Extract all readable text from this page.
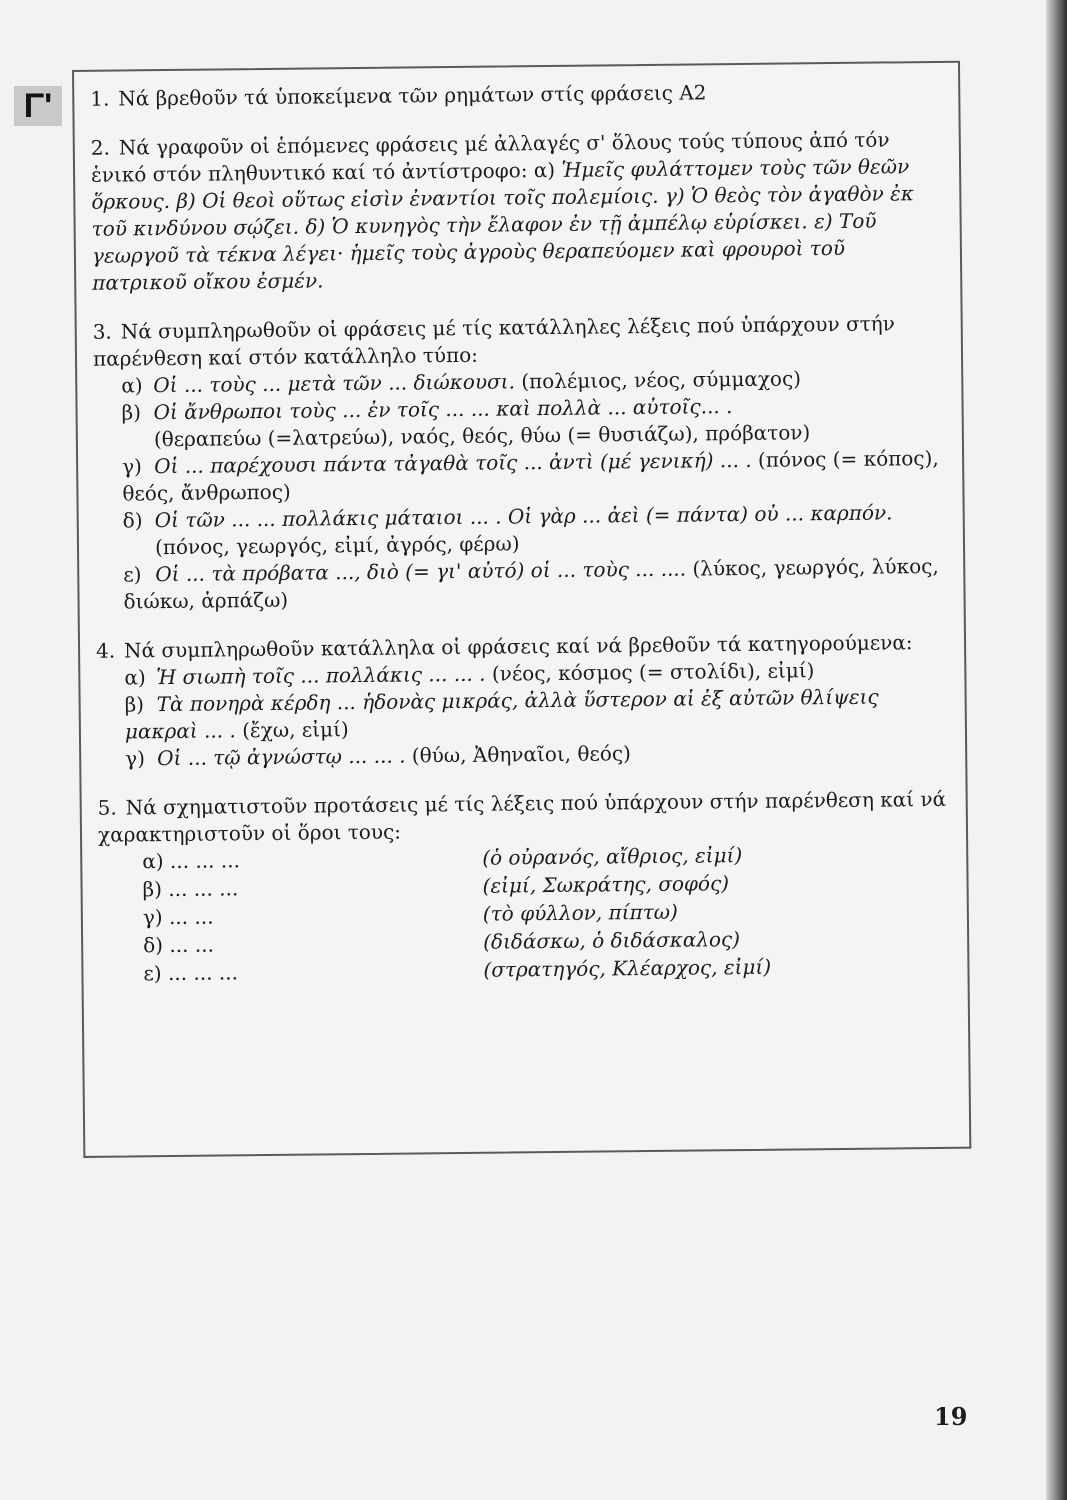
Γ'	1. Νά βρεθοῦν τά ὑποκείμενα τῶν ρημάτων στίς φράσεις Α2

2. Νά γραφοῦν οἱ ἑπόμενες φράσεις μέ ἀλλαγές σ' ὅλους τούς τύπους ἀπό τόν ἑνικό στόν πληθυντικό καί τό ἀντίστροφο: α) Ἡμεῖς φυλάττομεν τοὺς τῶν θεῶν ὅρκους. β) Οἱ θεοὶ οὕτως εἰσὶν ἐναντίοι τοῖς πολεμίοις. γ) Ὁ θεὸς τὸν ἀγαθὸν ἐκ τοῦ κινδύνου σῴζει. δ) Ὁ κυνηγὸς τὴν ἔλαφον ἐν τῇ ἀμπέλῳ εὑρίσκει. ε) Τοῦ γεωργοῦ τὰ τέκνα λέγει· ἡμεῖς τοὺς ἀγροὺς θεραπεύομεν καὶ φρουροὶ τοῦ πατρικοῦ οἴκου ἐσμέν.

3. Νά συμπληρωθοῦν οἱ φράσεις μέ τίς κατάλληλες λέξεις πού ὑπάρχουν στήν παρένθεση καί στόν κατάλληλο τύπο:

α) Οἱ ... τοὺς ... μετὰ τῶν ... διώκουσι. (πολέμιος, νέος, σύμμαχος)

β) Οἱ ἄνθρωποι τοὺς ... ἐν τοῖς ... ... καὶ πολλὰ ... αὐτοῖς... .

(θεραπεύω (=λατρεύω), ναός, θεός, θύω (= θυσιάζω), πρόβατον)

γ) Οἱ ... παρέχουσι πάντα τἀγαθὰ τοῖς ... ἀντὶ (μέ γενική) ... . (πόνος (= κόπος), θεός, ἄνθρωπος)

δ) Οἱ τῶν ... ... πολλάκις μάταιοι ... . Οἱ γὰρ ... ἀεὶ (= πάντα) οὐ ... καρπόν.

(πόνος, γεωργός, εἰμί, ἀγρός, φέρω)

ε) Οἱ ... τὰ πρόβατα ..., διὸ (= γι' αὐτό) οἱ ... τοὺς ... .... (λύκος, γεωργός, λύκος, διώκω, ἁρπάζω)

4. Νά συμπληρωθοῦν κατάλληλα οἱ φράσεις καί νά βρεθοῦν τά κατηγορούμενα:

α) Ἡ σιωπὴ τοῖς ... πολλάκις ... ... . (νέος, κόσμος (= στολίδι), εἰμί)

β) Τὰ πονηρὰ κέρδη ... ἡδονὰς μικράς, ἀλλὰ ὕστερον αἱ ἐξ αὐτῶν θλίψεις μακραὶ ... . (ἔχω, εἰμί)

γ) Οἱ ... τῷ ἀγνώστῳ ... ... . (θύω, Ἀθηναῖοι, θεός)

5. Νά σχηματιστοῦν προτάσεις μέ τίς λέξεις πού ὑπάρχουν στήν παρένθεση καί νά χαρακτηριστοῦν οἱ ὅροι τους:

α) ... ... ...	(ὁ οὐρανός, αἴθριος, εἰμί)
β) ... ... ...	(εἰμί, Σωκράτης, σοφός)
γ) ... ...	(τὸ φύλλον, πίπτω)
δ) ... ...	(διδάσκω, ὁ διδάσκαλος)
ε) ... ... ...	(στρατηγός, Κλέαρχος, εἰμί)
19
